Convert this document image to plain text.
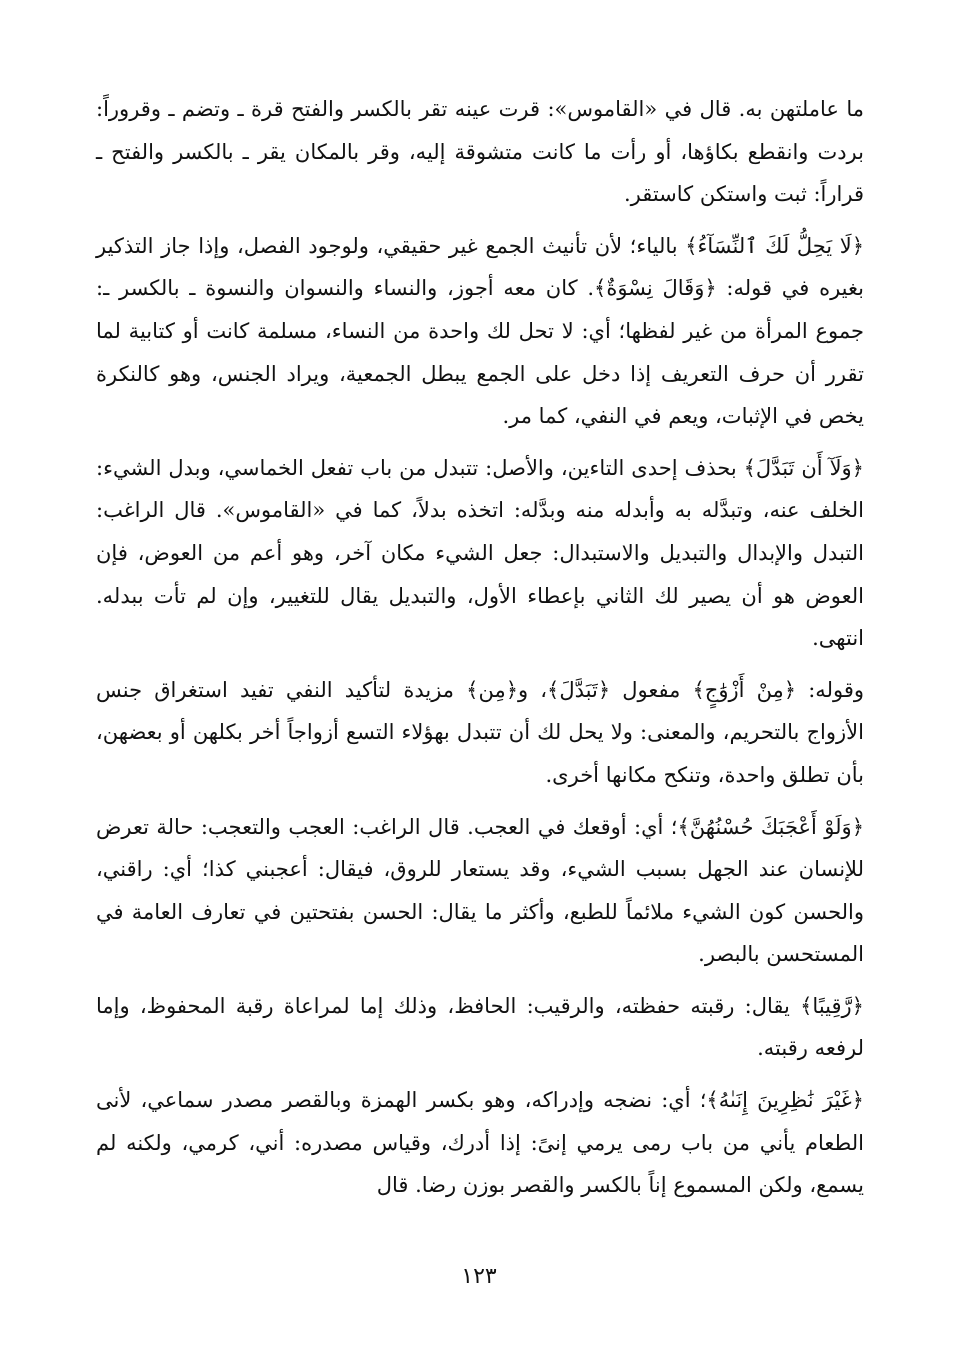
ما عاملتهن به. قال في «القاموس»: قرت عينه تقر بالكسر والفتح قرة ـ وتضم ـ وقروراً: بردت وانقطع بكاؤها، أو رأت ما كانت متشوقة إليه، وقر بالمكان يقر ـ بالكسر والفتح ـ قراراً: ثبت واستكن كاستقر.

﴿لَا يَحِلُّ لَكَ ٱلنِّسَآءُ﴾ بالياء؛ لأن تأنيث الجمع غير حقيقي، ولوجود الفصل، وإذا جاز التذكير بغيره في قوله: ﴿وَقَالَ نِسْوَةٌ﴾. كان معه أجوز، والنساء والنسوان والنسوة ـ بالكسر ـ: جموع المرأة من غير لفظها؛ أي: لا تحل لك واحدة من النساء، مسلمة كانت أو كتابية لما تقرر أن حرف التعريف إذا دخل على الجمع يبطل الجمعية، ويراد الجنس، وهو كالنكرة يخص في الإثبات، ويعم في النفي، كما مر.

﴿وَلَآ أَن تَبَدَّلَ﴾ بحذف إحدى التاءين، والأصل: تتبدل من باب تفعل الخماسي، وبدل الشيء: الخلف عنه، وتبدَّله به وأبدله منه وبدَّله: اتخذه بدلاً، كما في «القاموس». قال الراغب: التبدل والإبدال والتبديل والاستبدال: جعل الشيء مكان آخر، وهو أعم من العوض، فإن العوض هو أن يصير لك الثاني بإعطاء الأول، والتبديل يقال للتغيير، وإن لم تأت ببدله. انتهى.

وقوله: ﴿مِنْ أَزْوَٰجٍ﴾ مفعول ﴿تَبَدَّلَ﴾، و﴿مِن﴾ مزيدة لتأكيد النفي تفيد استغراق جنس الأزواج بالتحريم، والمعنى: ولا يحل لك أن تتبدل بهؤلاء التسع أزواجاً أخر بكلهن أو بعضهن، بأن تطلق واحدة، وتنكح مكانها أخرى.

﴿وَلَوْ أَعْجَبَكَ حُسْنُهُنَّ﴾؛ أي: أوقعك في العجب. قال الراغب: العجب والتعجب: حالة تعرض للإنسان عند الجهل بسبب الشيء، وقد يستعار للروق، فيقال: أعجبني كذا؛ أي: راقني، والحسن كون الشيء ملائماً للطبع، وأكثر ما يقال: الحسن بفتحتين في تعارف العامة في المستحسن بالبصر.

﴿رَّقِيبًا﴾ يقال: رقبته حفظته، والرقيب: الحافظ، وذلك إما لمراعاة رقبة المحفوظ، وإما لرفعه رقبته.

﴿غَيْرَ نَٰظِرِينَ إِنَىٰهُ﴾؛ أي: نضجه وإدراكه، وهو بكسر الهمزة وبالقصر مصدر سماعي، لأنى الطعام يأني من باب رمى يرمي إنىً: إذا أدرك، وقياس مصدره: أني، كرمي، ولكنه لم يسمع، ولكن المسموع إناً بالكسر والقصر بوزن رضا. قال

١٢٣
